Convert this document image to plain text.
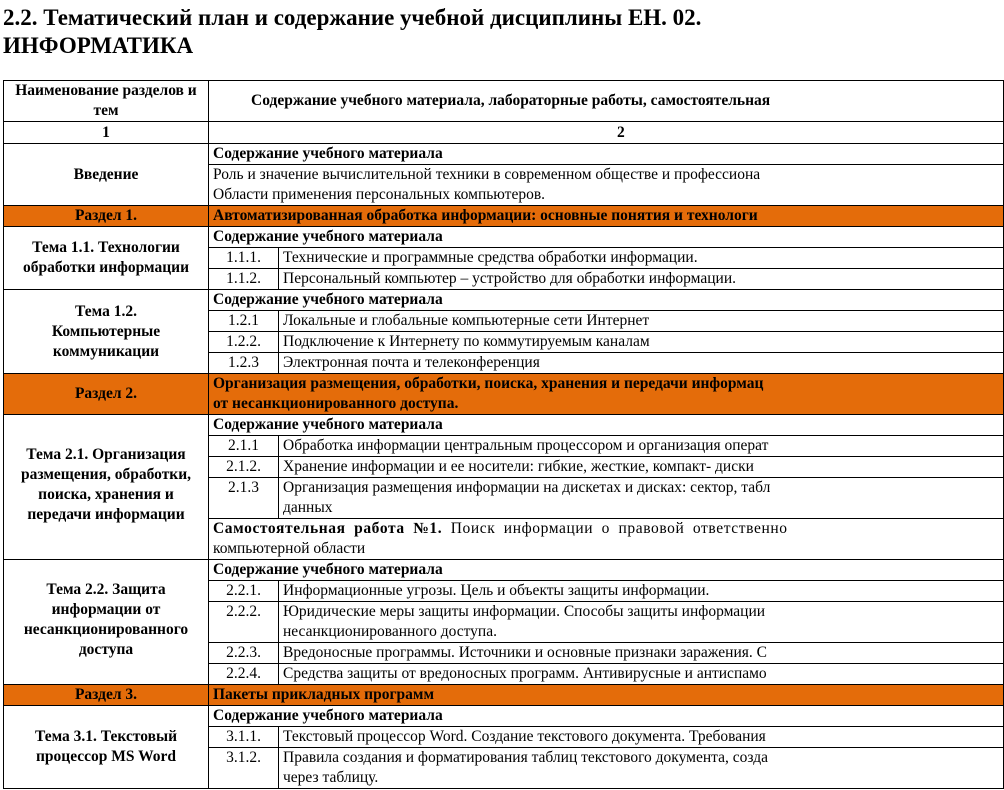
2.2. Тематический план и содержание учебной дисциплины ЕН. 02. ИНФОРМАТИКА
Наименование разделов и тем	Содержание учебного материала, лабораторные работы, самостоятельная	
1	2	
Введение	Содержание учебного материала	
	Роль и значение вычислительной техники в современном обществе и профессиона	
	Области применения персональных компьютеров.	
Раздел 1.	Автоматизированная обработка информации: основные понятия и технологи	
Тема 1.1. Технологии обработки информации	Содержание учебного материала	
	1.1.1.	Технические и программные средства обработки информации.
	1.1.2.	Персональный компьютер – устройство для обработки информации.
Тема 1.2. Компьютерные коммуникации	Содержание учебного материала	
	1.2.1	Локальные и глобальные компьютерные сети Интернет
	1.2.2.	Подключение к Интернету по коммутируемым каналам
	1.2.3	Электронная почта и телеконференция
Раздел 2.	Организация размещения, обработки, поиска, хранения и передачи информац	
	от несанкционированного доступа.	
Тема 2.1. Организация размещения, обработки, поиска, хранения и передачи информации	Содержание учебного материала	
	2.1.1	Обработка информации центральным процессором и организация операт
	2.1.2.	Хранение информации и ее носители: гибкие, жесткие, компакт- диски
	2.1.3	Организация размещения информации на дискетах и дисках: сектор, табл
		данных
	Самостоятельная работа №1. Поиск информации о правовой ответственно	
	компьютерной области	
Тема 2.2. Защита информации от несанкционированного доступа	Содержание учебного материала	
	2.2.1.	Информационные угрозы. Цель и объекты защиты информации.
	2.2.2.	Юридические меры защиты информации. Способы защиты информации
		несанкционированного доступа.
	2.2.3.	Вредоносные программы. Источники и основные признаки заражения. С
	2.2.4.	Средства защиты от вредоносных программ. Антивирусные и антиспамо
Раздел 3.	Пакеты прикладных программ	
Тема 3.1. Текстовый процессор MS Word	Содержание учебного материала	
	3.1.1.	Текстовый процессор Word. Создание текстового документа. Требования
	3.1.2.	Правила создания и форматирования таблиц текстового документа, созда
		через таблицу.
